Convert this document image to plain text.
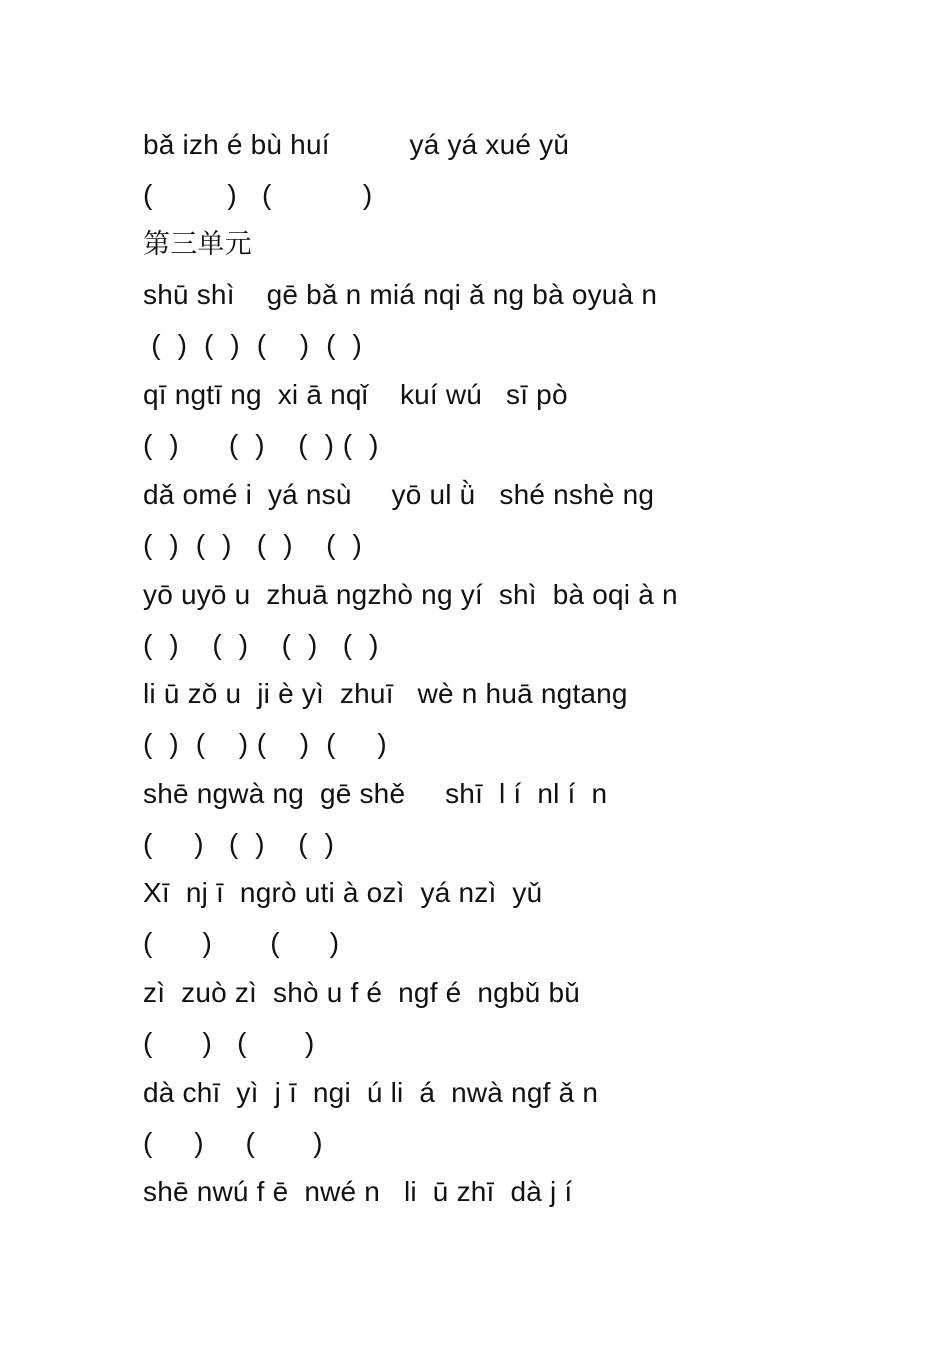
bǎ izh é bù huí          yá yá xué yǔ
(         )   (           )
第三单元
shū shì    gē bǎ n miá nqi ǎ ng bà oyuà n
(  )  (  )  (    )  (  )
qī ngtī ng  xi ā nqǐ    kuí wú   sī pò
(  )      (  )    (  ) (  )
dǎ omé i  yá nsù     yō ul ǜ   shé nshè ng
(  )  (  )   (  )    (  )
yō uyō u  zhuā ngzhò ng yí  shì  bà oqi à n
(  )    (  )    (  )   (  )
li ū zǒ u  ji è yì  zhuī   wè n huā ngtang
(  )  (    ) (    )  (     )
shē ngwà ng  gē shě     shī  l í  nl í  n
(     )   (  )    (  )
Xī  nj ī  ngrò uti à ozì  yá nzì  yǔ
(      )       (      )
zì  zuò zì  shò u f é  ngf é  ngbǔ bǔ
(      )   (       )
dà chī  yì  j ī  ngi  ú li  á  nwà ngf ǎ n
(     )     (       )
shē nwú f ē  nwé n   li  ū zhī  dà j í
